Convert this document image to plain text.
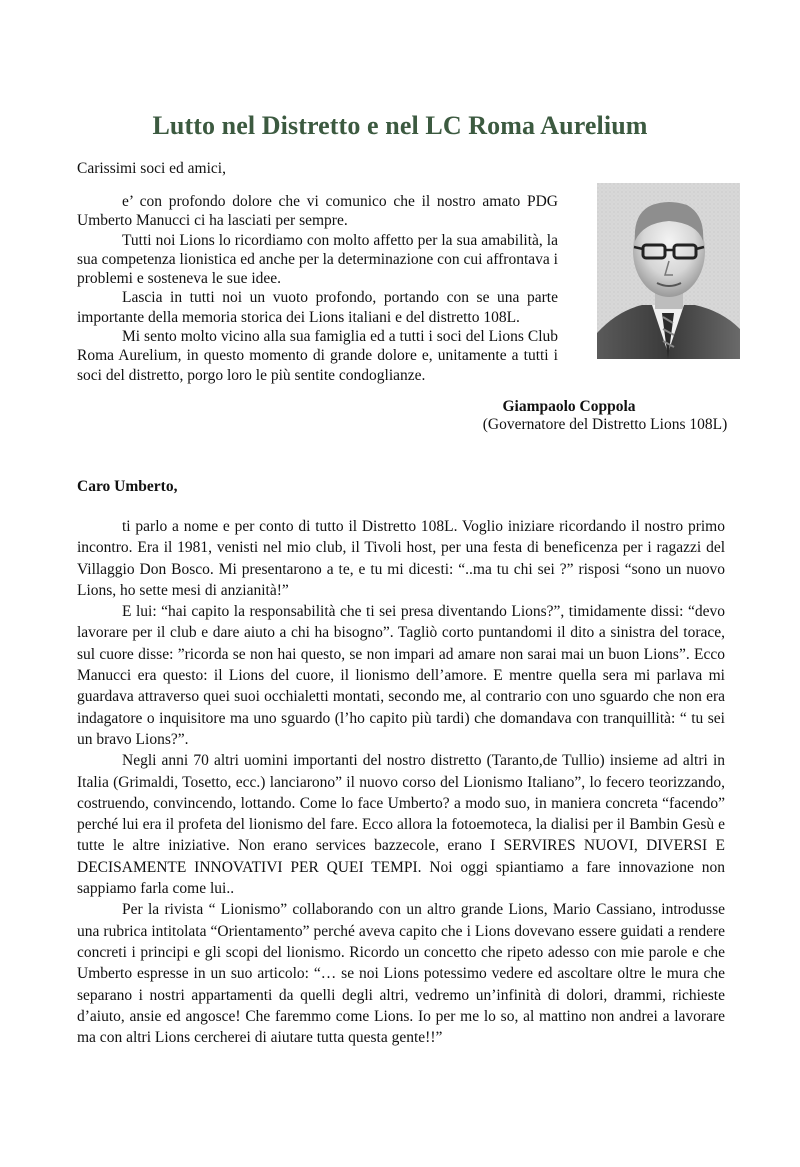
Lutto nel Distretto e nel LC Roma Aurelium
Carissimi soci ed amici,

e’ con profondo dolore che vi comunico che il nostro amato PDG Umberto Manucci ci ha lasciati per sempre.

Tutti noi Lions lo ricordiamo con molto affetto per la sua amabilità, la sua competenza lionistica ed anche per la determinazione con cui affrontava i problemi e sosteneva le sue idee.

Lascia in tutti noi un vuoto profondo, portando con se una parte importante della memoria storica dei Lions italiani e del distretto 108L.

Mi sento molto vicino alla sua famiglia ed a tutti i soci del Lions Club Roma Aurelium, in questo momento di grande dolore e, unitamente a tutti i soci del distretto, porgo loro le più sentite condoglianze.

Giampaolo Coppola
(Governatore del Distretto Lions 108L)
Caro Umberto,

ti parlo a nome e per conto di tutto il Distretto 108L. Voglio iniziare ricordando il nostro primo incontro. Era il 1981, venisti nel mio club, il Tivoli host, per una festa di beneficenza per i ragazzi del Villaggio Don Bosco. Mi presentarono a te, e tu mi dicesti: “..ma tu chi sei ?” risposi “sono un nuovo Lions, ho sette mesi di anzianità!”

E lui: “hai capito la responsabilità che ti sei presa diventando Lions?”, timidamente dissi: “devo lavorare per il club e dare aiuto a chi ha bisogno”. Tagliò corto puntandomi il dito a sinistra del torace, sul cuore disse: ”ricorda se non hai questo, se non impari ad amare non sarai mai un buon Lions”. Ecco Manucci era questo: il Lions del cuore, il lionismo dell’amore. E mentre quella sera mi parlava mi guardava attraverso quei suoi occhialetti montati, secondo me, al contrario con uno sguardo che non era indagatore o inquisitore ma uno sguardo (l’ho capito più tardi) che domandava con tranquillità: “ tu sei un bravo Lions?”.

Negli anni 70 altri uomini importanti del nostro distretto (Taranto,de Tullio) insieme ad altri in Italia (Grimaldi, Tosetto, ecc.) lanciarono” il nuovo corso del Lionismo Italiano”, lo fecero teorizzando, costruendo, convincendo, lottando. Come lo face Umberto? a modo suo, in maniera concreta “facendo” perché lui era il profeta del lionismo del fare. Ecco allora la fotoemoteca, la dialisi per il Bambin Gesù e tutte le altre iniziative. Non erano services bazzecole, erano I SERVIRES NUOVI, DIVERSI E DECISAMENTE INNOVATIVI PER QUEI TEMPI. Noi oggi spiantiamo a fare innovazione non sappiamo farla come lui..

Per la rivista “ Lionismo” collaborando con un altro grande Lions, Mario Cassiano, introdusse una rubrica intitolata “Orientamento” perché aveva capito che i Lions dovevano essere guidati a rendere concreti i principi e gli scopi del lionismo. Ricordo un concetto che ripeto adesso con mie parole e che Umberto espresse in un suo articolo: “… se noi Lions potessimo vedere ed ascoltare oltre le mura che separano i nostri appartamenti da quelli degli altri, vedremo un’infinità di dolori, drammi, richieste d’aiuto, ansie ed angosce! Che faremmo come Lions. Io per me lo so, al mattino non andrei a lavorare ma con altri Lions cercherei di aiutare tutta questa gente!!”
